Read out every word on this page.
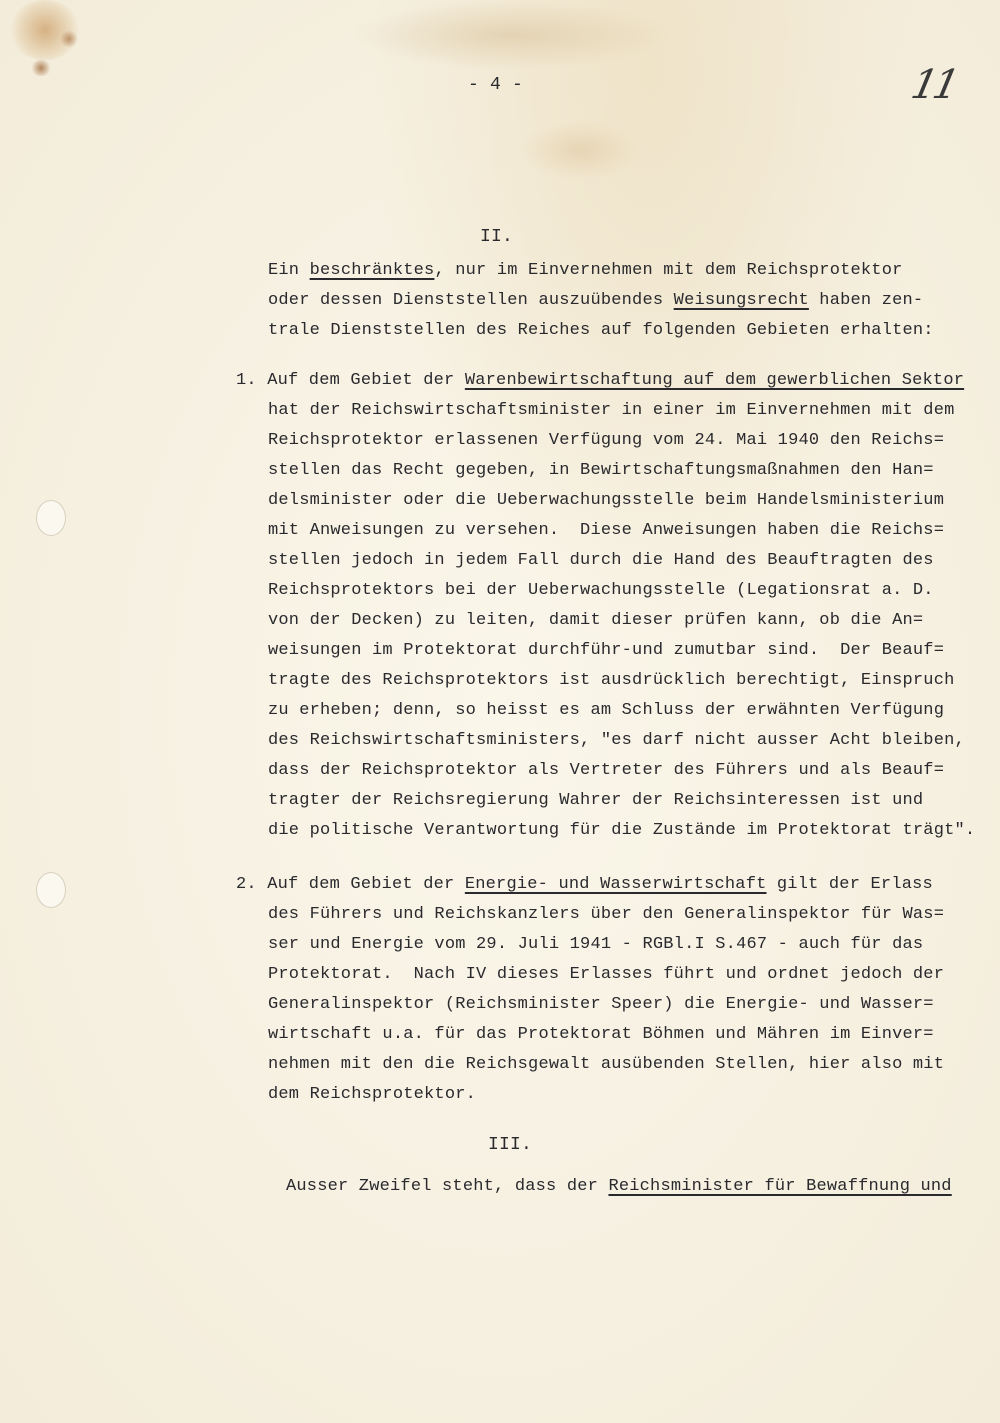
- 4 -	11
II.
Ein beschränktes, nur im Einvernehmen mit dem Reichsprotektor
oder dessen Dienststellen auszuübendes Weisungsrecht haben zen-
trale Dienststellen des Reiches auf folgenden Gebieten erhalten:
1. Auf dem Gebiet der Warenbewirtschaftung auf dem gewerblichen Sektor
hat der Reichswirtschaftsminister in einer im Einvernehmen mit dem
Reichsprotektor erlassenen Verfügung vom 24. Mai 1940 den Reichs=
stellen das Recht gegeben, in Bewirtschaftungsmaßnahmen den Han=
delsminister oder die Ueberwachungsstelle beim Handelsministerium
mit Anweisungen zu versehen.  Diese Anweisungen haben die Reichs=
stellen jedoch in jedem Fall durch die Hand des Beauftragten des
Reichsprotektors bei der Ueberwachungsstelle (Legationsrat a. D.
von der Decken) zu leiten, damit dieser prüfen kann, ob die An=
weisungen im Protektorat durchführ-und zumutbar sind.  Der Beauf=
tragte des Reichsprotektors ist ausdrücklich berechtigt, Einspruch
zu erheben; denn, so heisst es am Schluss der erwähnten Verfügung
des Reichswirtschaftsministers, "es darf nicht ausser Acht bleiben,
dass der Reichsprotektor als Vertreter des Führers und als Beauf=
tragter der Reichsregierung Wahrer der Reichsinteressen ist und
die politische Verantwortung für die Zustände im Protektorat trägt".
2. Auf dem Gebiet der Energie- und Wasserwirtschaft gilt der Erlass
des Führers und Reichskanzlers über den Generalinspektor für Was=
ser und Energie vom 29. Juli 1941 - RGBl.I S.467 - auch für das
Protektorat.  Nach IV dieses Erlasses führt und ordnet jedoch der
Generalinspektor (Reichsminister Speer) die Energie- und Wasser=
wirtschaft u.a. für das Protektorat Böhmen und Mähren im Einver=
nehmen mit den die Reichsgewalt ausübenden Stellen, hier also mit
dem Reichsprotektor.
Ausser Zweifel steht, dass der Reichsminister für Bewaffnung und
III.
